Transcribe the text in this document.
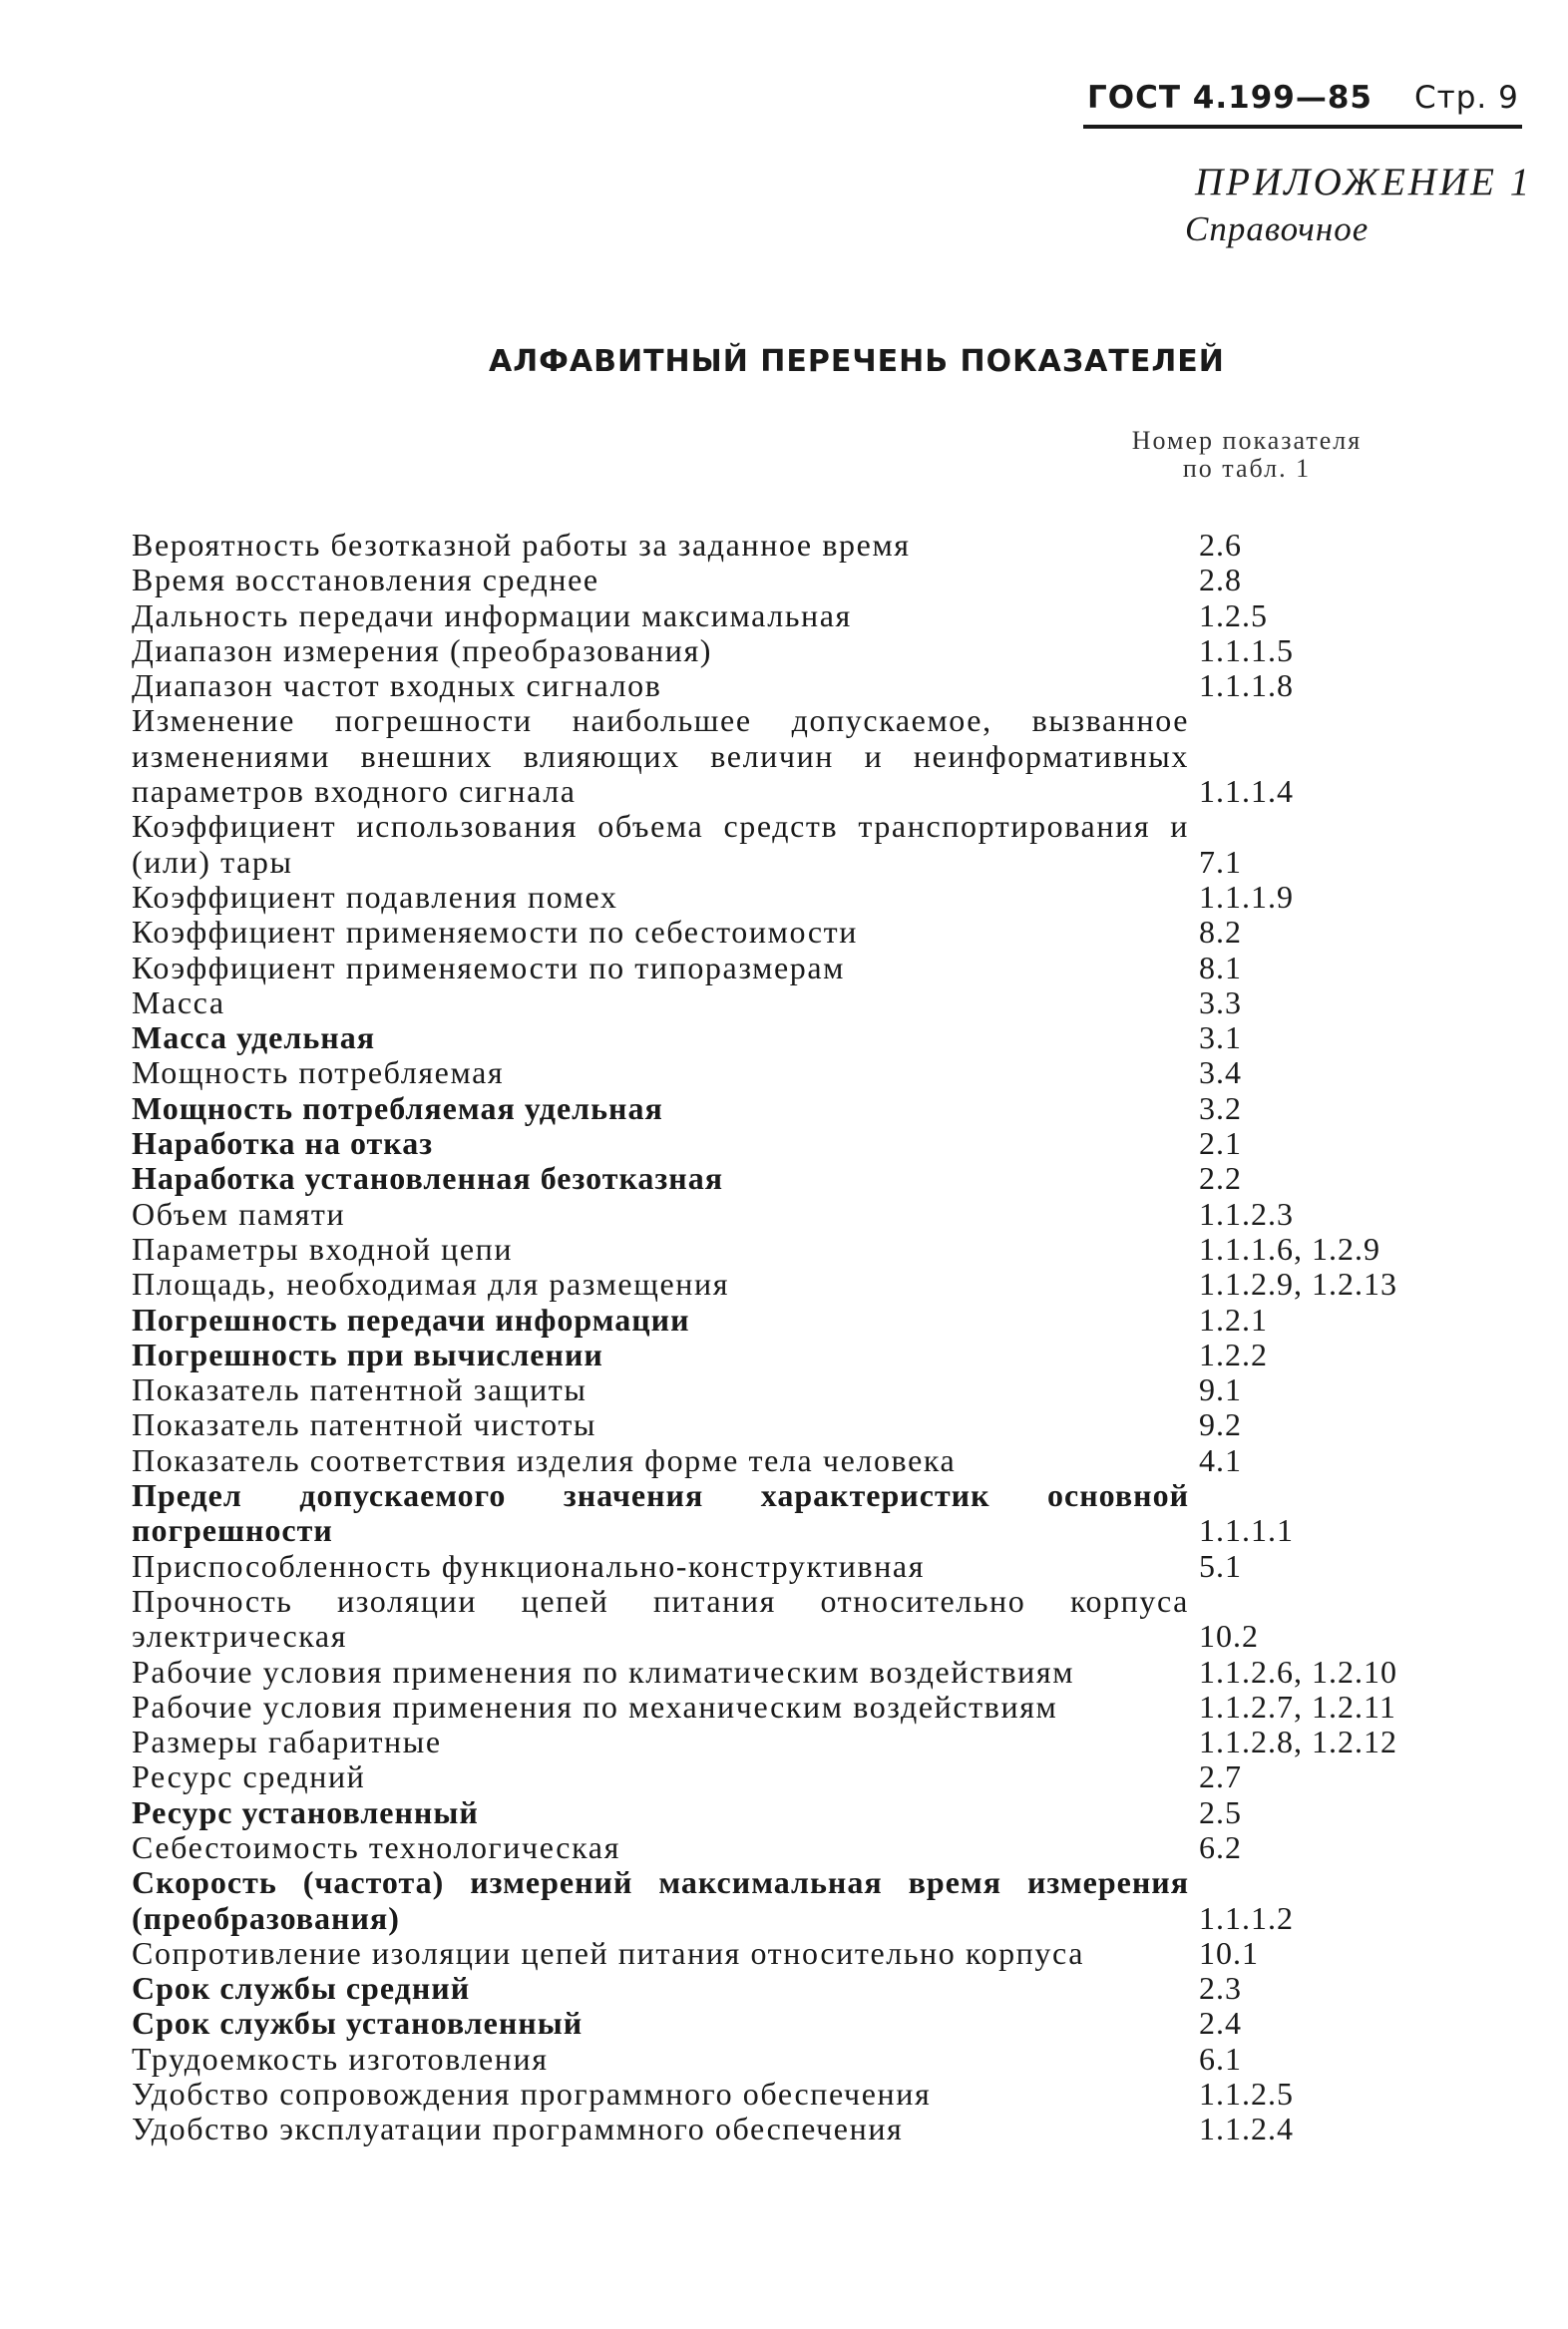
ГОСТ 4.199—85 Стр. 9
ПРИЛОЖЕНИЕ 1
Справочное
АЛФАВИТНЫЙ ПЕРЕЧЕНЬ ПОКАЗАТЕЛЕЙ
Номер показателя
по табл. 1
Вероятность безотказной работы за заданное время	2.6
Время восстановления среднее	2.8
Дальность передачи информации максимальная	1.2.5
Диапазон измерения (преобразования)	1.1.1.5
Диапазон частот входных сигналов	1.1.1.8
Изменение погрешности наибольшее допускаемое, вызванное изменениями внешних влияющих величин и неинформативных параметров входного сигнала	1.1.1.4
Коэффициент использования объема средств транспортирования и (или) тары	7.1
Коэффициент подавления помех	1.1.1.9
Коэффициент применяемости по себестоимости	8.2
Коэффициент применяемости по типоразмерам	8.1
Масса	3.3
Масса удельная	3.1
Мощность потребляемая	3.4
Мощность потребляемая удельная	3.2
Наработка на отказ	2.1
Наработка установленная безотказная	2.2
Объем памяти	1.1.2.3
Параметры входной цепи	1.1.1.6, 1.2.9
Площадь, необходимая для размещения	1.1.2.9, 1.2.13
Погрешность передачи информации	1.2.1
Погрешность при вычислении	1.2.2
Показатель патентной защиты	9.1
Показатель патентной чистоты	9.2
Показатель соответствия изделия форме тела человека	4.1
Предел допускаемого значения характеристик основной погрешности	1.1.1.1
Приспособленность функционально-конструктивная	5.1
Прочность изоляции цепей питания относительно корпуса электрическая	10.2
Рабочие условия применения по климатическим воздействиям	1.1.2.6, 1.2.10
Рабочие условия применения по механическим воздействиям	1.1.2.7, 1.2.11
Размеры габаритные	1.1.2.8, 1.2.12
Ресурс средний	2.7
Ресурс установленный	2.5
Себестоимость технологическая	6.2
Скорость (частота) измерений максимальная время измерения (преобразования)	1.1.1.2
Сопротивление изоляции цепей питания относительно корпуса	10.1
Срок службы средний	2.3
Срок службы установленный	2.4
Трудоемкость изготовления	6.1
Удобство сопровождения программного обеспечения	1.1.2.5
Удобство эксплуатации программного обеспечения	1.1.2.4
